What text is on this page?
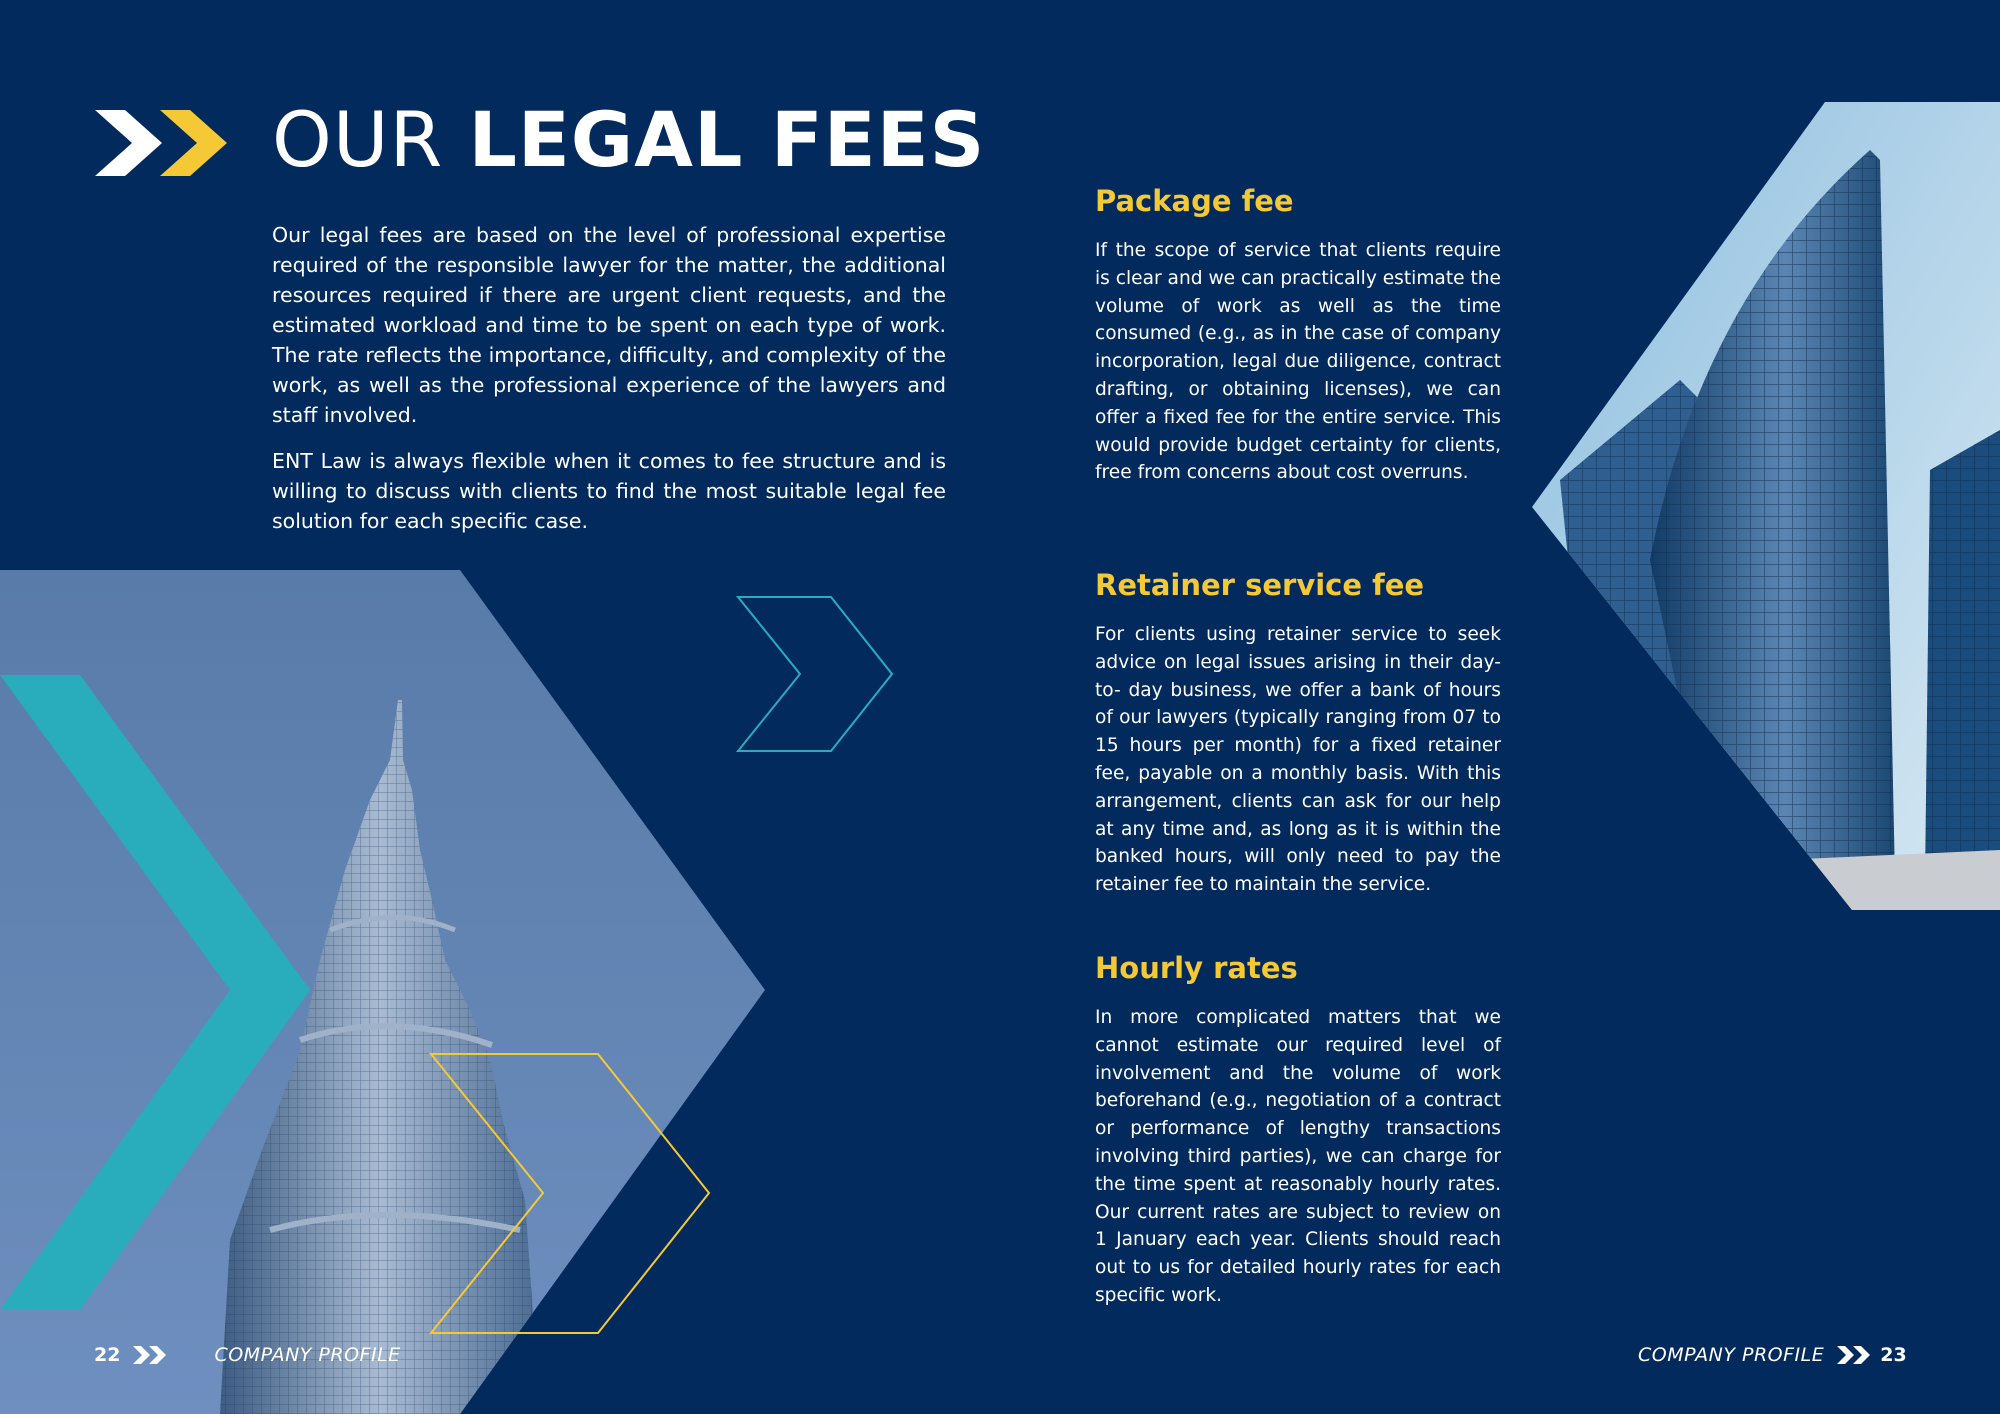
OUR LEGAL FEES

Our legal fees are based on the level of professional expertise required of the responsible lawyer for the matter, the additional resources required if there are urgent client requests, and the estimated workload and time to be spent on each type of work. The rate reflects the importance, difficulty, and complexity of the work, as well as the professional experience of the lawyers and staff involved.

ENT Law is always flexible when it comes to fee structure and is willing to discuss with clients to find the most suitable legal fee solution for each specific case.

Package fee

If the scope of service that clients require is clear and we can practically estimate the volume of work as well as the time consumed (e.g., as in the case of company incorporation, legal due diligence, contract drafting, or obtaining licenses), we can offer a fixed fee for the entire service. This would provide budget certainty for clients, free from concerns about cost overruns.

Retainer service fee

For clients using retainer service to seek advice on legal issues arising in their day-to- day business, we offer a bank of hours of our lawyers (typically ranging from 07 to 15 hours per month) for a fixed retainer fee, payable on a monthly basis. With this arrangement, clients can ask for our help at any time and, as long as it is within the banked hours, will only need to pay the retainer fee to maintain the service.

Hourly rates

In more complicated matters that we cannot estimate our required level of involvement and the volume of work beforehand (e.g., negotiation of a contract or performance of lengthy transactions involving third parties), we can charge for the time spent at reasonably hourly rates. Our current rates are subject to review on 1 January each year. Clients should reach out to us for detailed hourly rates for each specific work.

22	COMPANY PROFILE	COMPANY PROFILE	23
